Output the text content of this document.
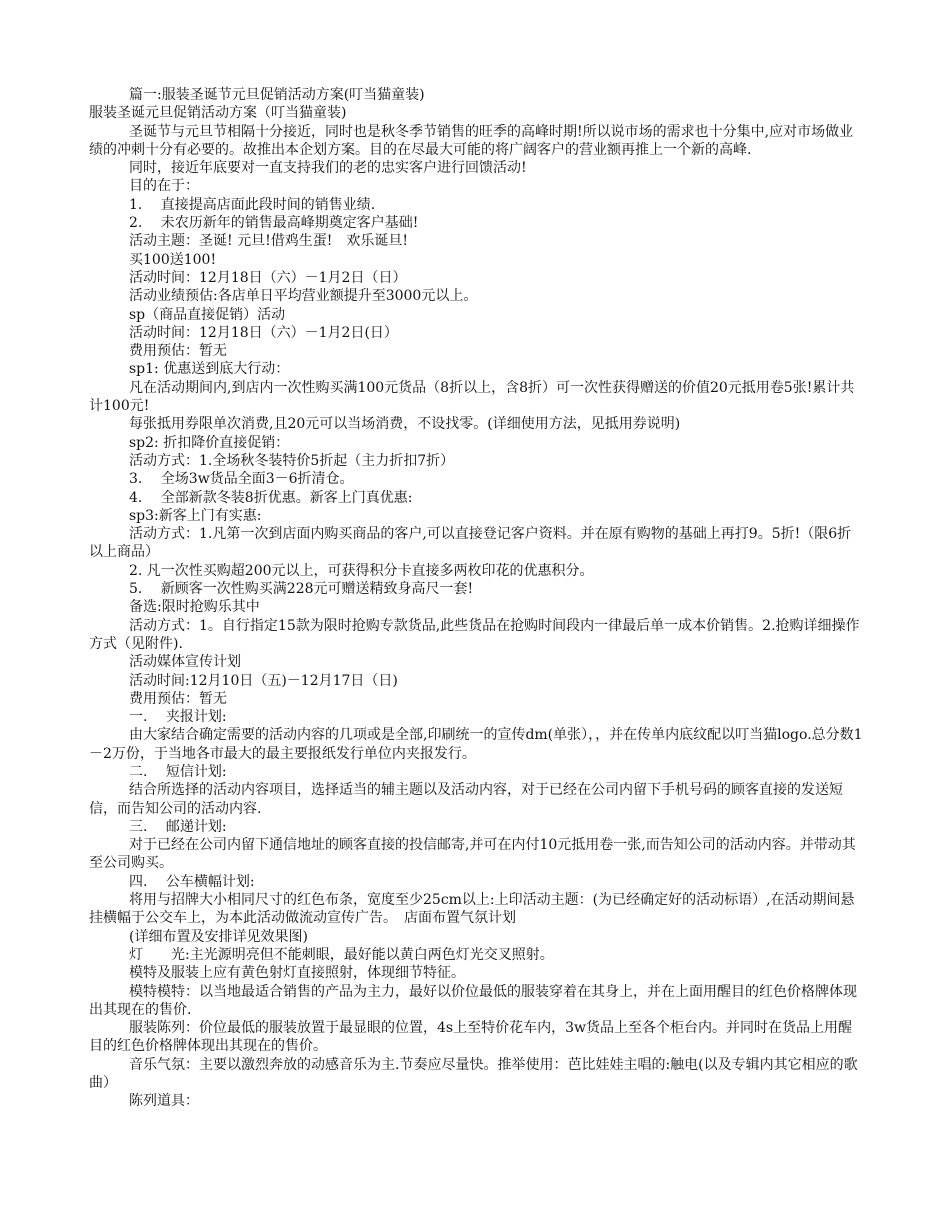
篇一:服装圣诞节元旦促销活动方案(叮当猫童装)

服装圣诞元旦促销活动方案（叮当猫童装)

圣诞节与元旦节相隔十分接近，同时也是秋冬季节销售的旺季的高峰时期!所以说市场的需求也十分集中,应对市场做业绩的冲刺十分有必要的。故推出本企划方案。目的在尽最大可能的将广阔客户的营业额再推上一个新的高峰.

同时，接近年底要对一直支持我们的老的忠实客户进行回馈活动!

目的在于：

1.　 直接提高店面此段时间的销售业绩.

2.　 未农历新年的销售最高峰期奠定客户基础!

活动主题：圣诞! 元旦!借鸡生蛋!　欢乐诞旦!

买100送100!

活动时间：12月18日（六）－1月2日（日）

活动业绩预估:各店单日平均营业额提升至3000元以上。

sp（商品直接促销）活动

活动时间：12月18日（六）－1月2日(日）

费用预估：暂无

sp1: 优惠送到底大行动：

凡在活动期间内,到店内一次性购买满100元货品（8折以上，含8折）可一次性获得赠送的价值20元抵用卷5张!累计共计100元!

每张抵用券限单次消费,且20元可以当场消费，不设找零。(详细使用方法，见抵用券说明)

sp2: 折扣降价直接促销：

活动方式：1.全场秋冬装特价5折起（主力折扣7折）

3.　 全场3w货品全面3－6折清仓。

4.　 全部新款冬装8折优惠。新客上门真优惠:

sp3:新客上门有实惠:

活动方式：1.凡第一次到店面内购买商品的客户,可以直接登记客户资料。并在原有购物的基础上再打9。5折!（限6折以上商品）

2. 凡一次性买购超200元以上，可获得积分卡直接多两枚印花的优惠积分。

5.　 新顾客一次性购买满228元可赠送精致身高尺一套!

备选:限时抢购乐其中

活动方式：1。自行指定15款为限时抢购专款货品,此些货品在抢购时间段内一律最后单一成本价销售。2.抢购详细操作方式（见附件).

活动媒体宣传计划

活动时间:12月10日（五)－12月17日（日)

费用预估：暂无

一.　 夹报计划:

由大家结合确定需要的活动内容的几项或是全部,印刷统一的宣传dm(单张），，并在传单内底纹配以叮当猫logo.总分数1－2万份，于当地各市最大的最主要报纸发行单位内夹报发行。

二.　 短信计划:

结合所选择的活动内容项目，选择适当的辅主题以及活动内容，对于已经在公司内留下手机号码的顾客直接的发送短信，而告知公司的活动内容.

三.　 邮递计划:

对于已经在公司内留下通信地址的顾客直接的投信邮寄,并可在内付10元抵用卷一张,而告知公司的活动内容。并带动其至公司购买。

四.　 公车横幅计划:

将用与招牌大小相同尺寸的红色布条，宽度至少25cm以上:上印活动主题：(为已经确定好的活动标语）,在活动期间悬挂横幅于公交车上，为本此活动做流动宣传广告。　店面布置气氛计划

(详细布置及安排详见效果图)

灯　　光:主光源明亮但不能刺眼，最好能以黄白两色灯光交叉照射。

模特及服装上应有黄色射灯直接照射，体现细节特征。

模特模特：以当地最适合销售的产品为主力，最好以价位最低的服装穿着在其身上，并在上面用醒目的红色价格牌体现出其现在的售价.

服装陈列：价位最低的服装放置于最显眼的位置，4s上至特价花车内，3w货品上至各个柜台内。并同时在货品上用醒目的红色价格牌体现出其现在的售价。

音乐气氛：主要以激烈奔放的动感音乐为主.节奏应尽量快。推举使用：芭比娃娃主唱的:触电(以及专辑内其它相应的歌曲）

陈列道具：
